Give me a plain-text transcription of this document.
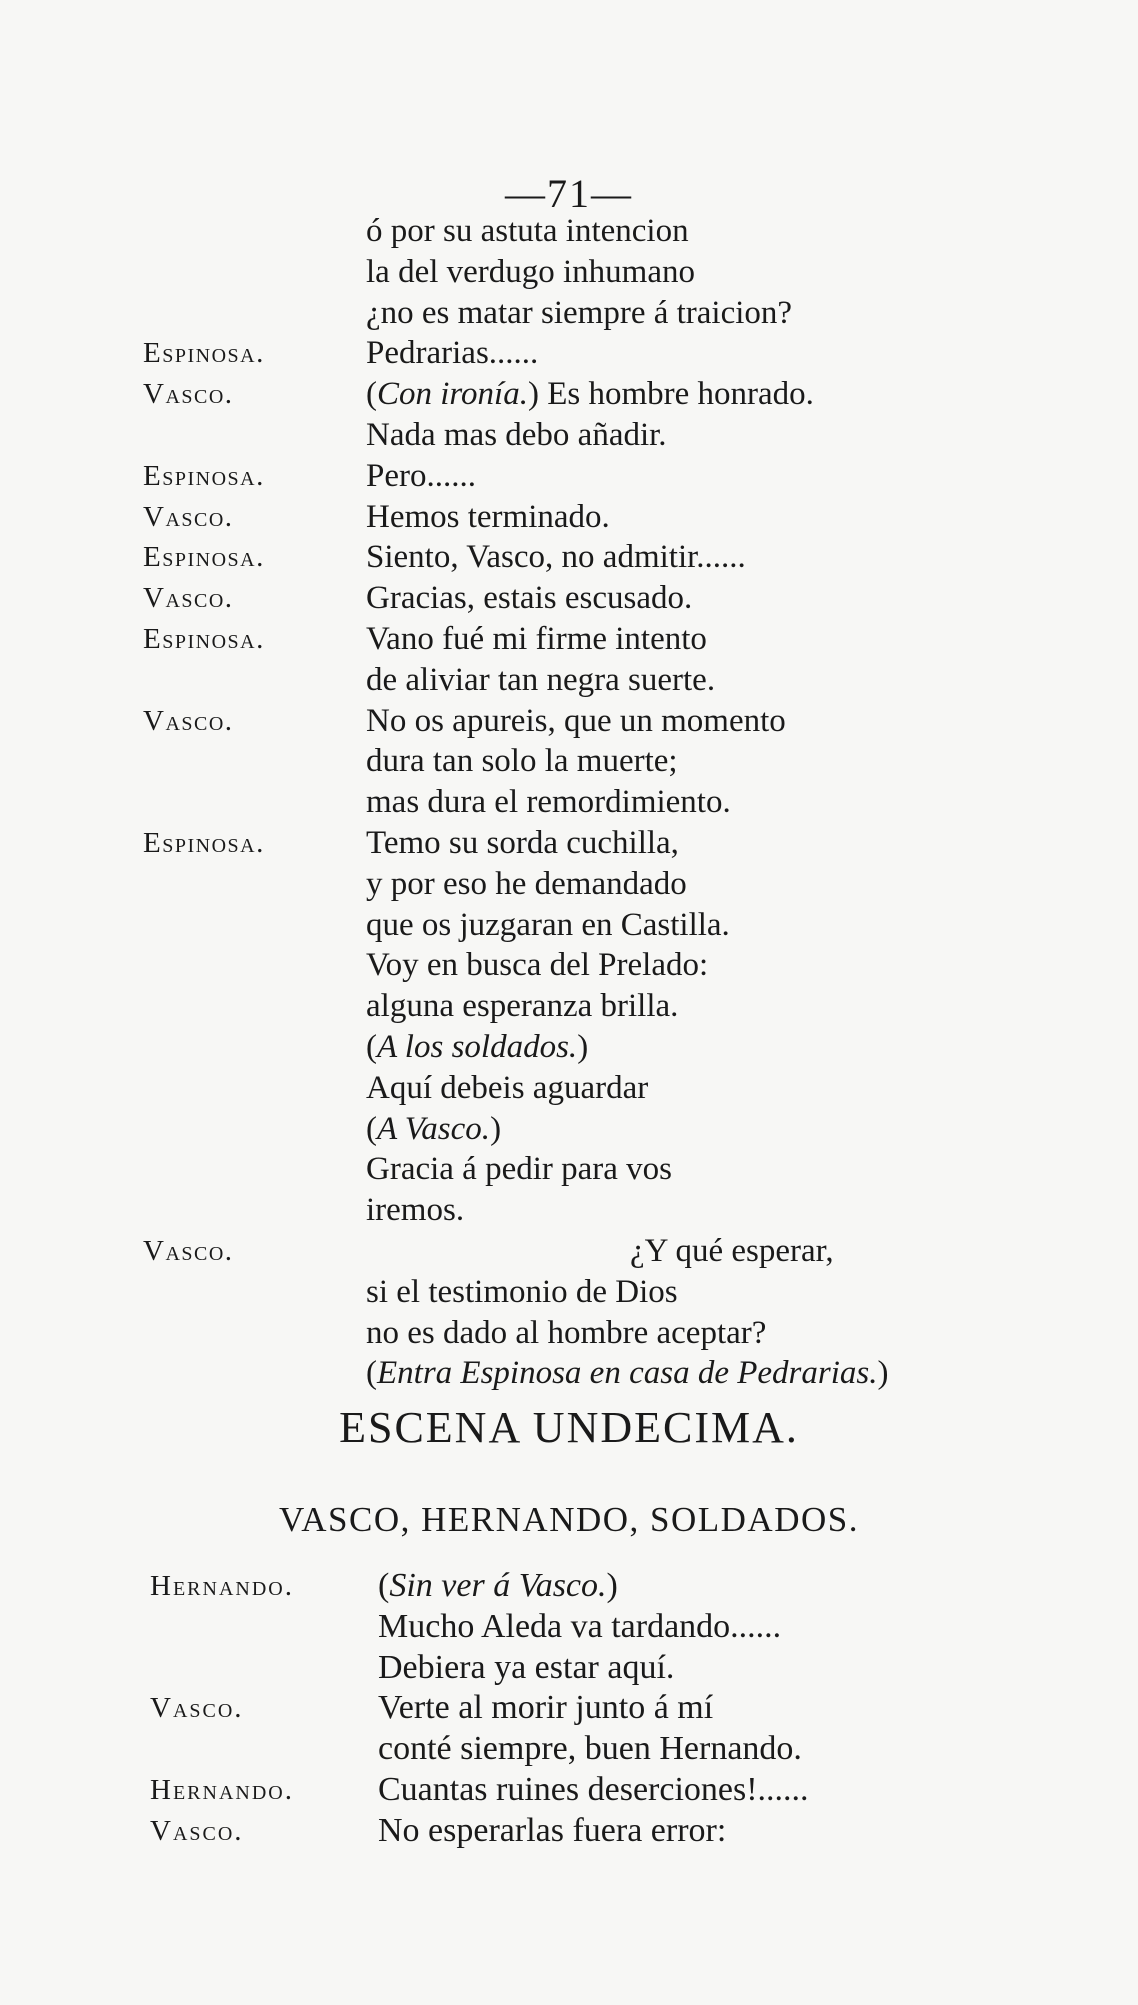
—71—
ó por su astuta intencion
la del verdugo inhumano
¿no es matar siempre á traicion?
Espinosa.	Pedrarias......
Vasco.	(Con ironía.) Es hombre honrado.
Nada mas debo añadir.
Espinosa.	Pero......
Vasco.	Hemos terminado.
Espinosa.	Siento, Vasco, no admitir......
Vasco.	Gracias, estais escusado.
Espinosa.	Vano fué mi firme intento
de aliviar tan negra suerte.
Vasco.	No os apureis, que un momento
dura tan solo la muerte;
mas dura el remordimiento.
Espinosa.	Temo su sorda cuchilla,
y por eso he demandado
que os juzgaran en Castilla.
Voy en busca del Prelado:
alguna esperanza brilla.
(A los soldados.)
Aquí debeis aguardar
(A Vasco.)
Gracia á pedir para vos
iremos.
Vasco.	¿Y qué esperar,
si el testimonio de Dios
no es dado al hombre aceptar?
(Entra Espinosa en casa de Pedrarias.)
ESCENA UNDECIMA.
VASCO, HERNANDO, SOLDADOS.
Hernando. (Sin ver á Vasco.)
Mucho Aleda va tardando......
Debiera ya estar aquí.
Vasco.	Verte al morir junto á mí
conté siempre, buen Hernando.
Hernando. Cuantas ruines deserciones!......
Vasco.	No esperarlas fuera error:
